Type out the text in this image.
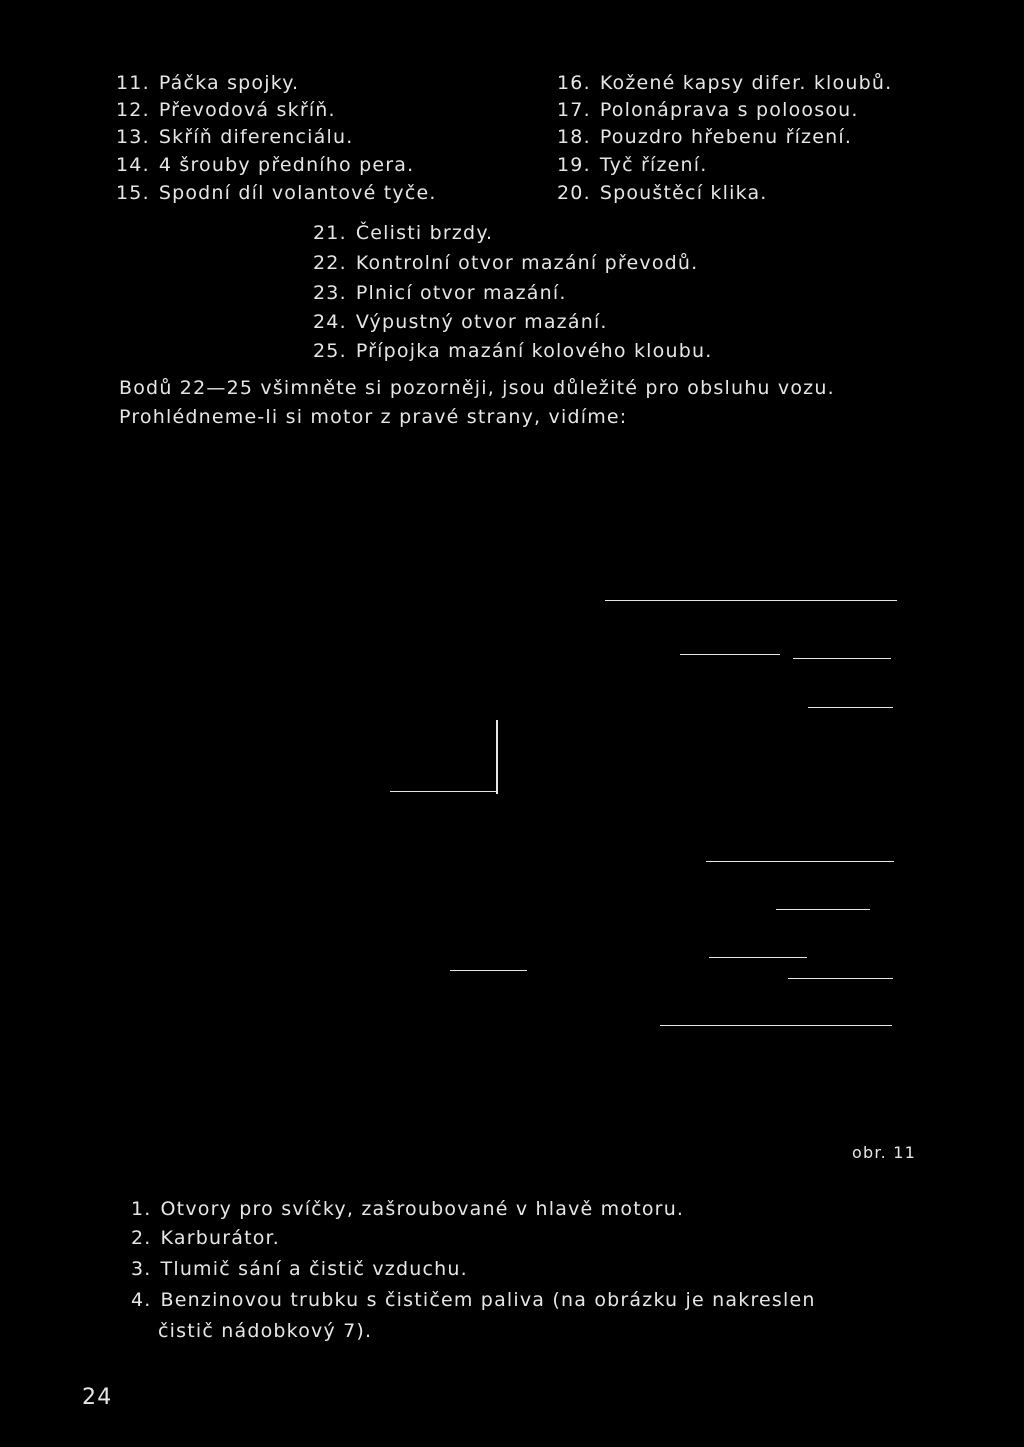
11. Páčka spojky.
12. Převodová skříň.
13. Skříň diferenciálu.
14. 4 šrouby předního pera.
15. Spodní díl volantové tyče.
16. Kožené kapsy difer. kloubů.
17. Polonáprava s poloosou.
18. Pouzdro hřebenu řízení.
19. Tyč řízení.
20. Spouštěcí klika.
21. Čelisti brzdy.
22. Kontrolní otvor mazání převodů.
23. Plnicí otvor mazání.
24. Výpustný otvor mazání.
25. Přípojka mazání kolového kloubu.
Bodů 22—25 všimněte si pozorněji, jsou důležité pro obsluhu vozu.
Prohlédneme-li si motor z pravé strany, vidíme:
obr. 11
1. Otvory pro svíčky, zašroubované v hlavě motoru.
2. Karburátor.
3. Tlumič sání a čistič vzduchu.
4. Benzinovou trubku s čističem paliva (na obrázku je nakreslen
čistič nádobkový 7).
24
